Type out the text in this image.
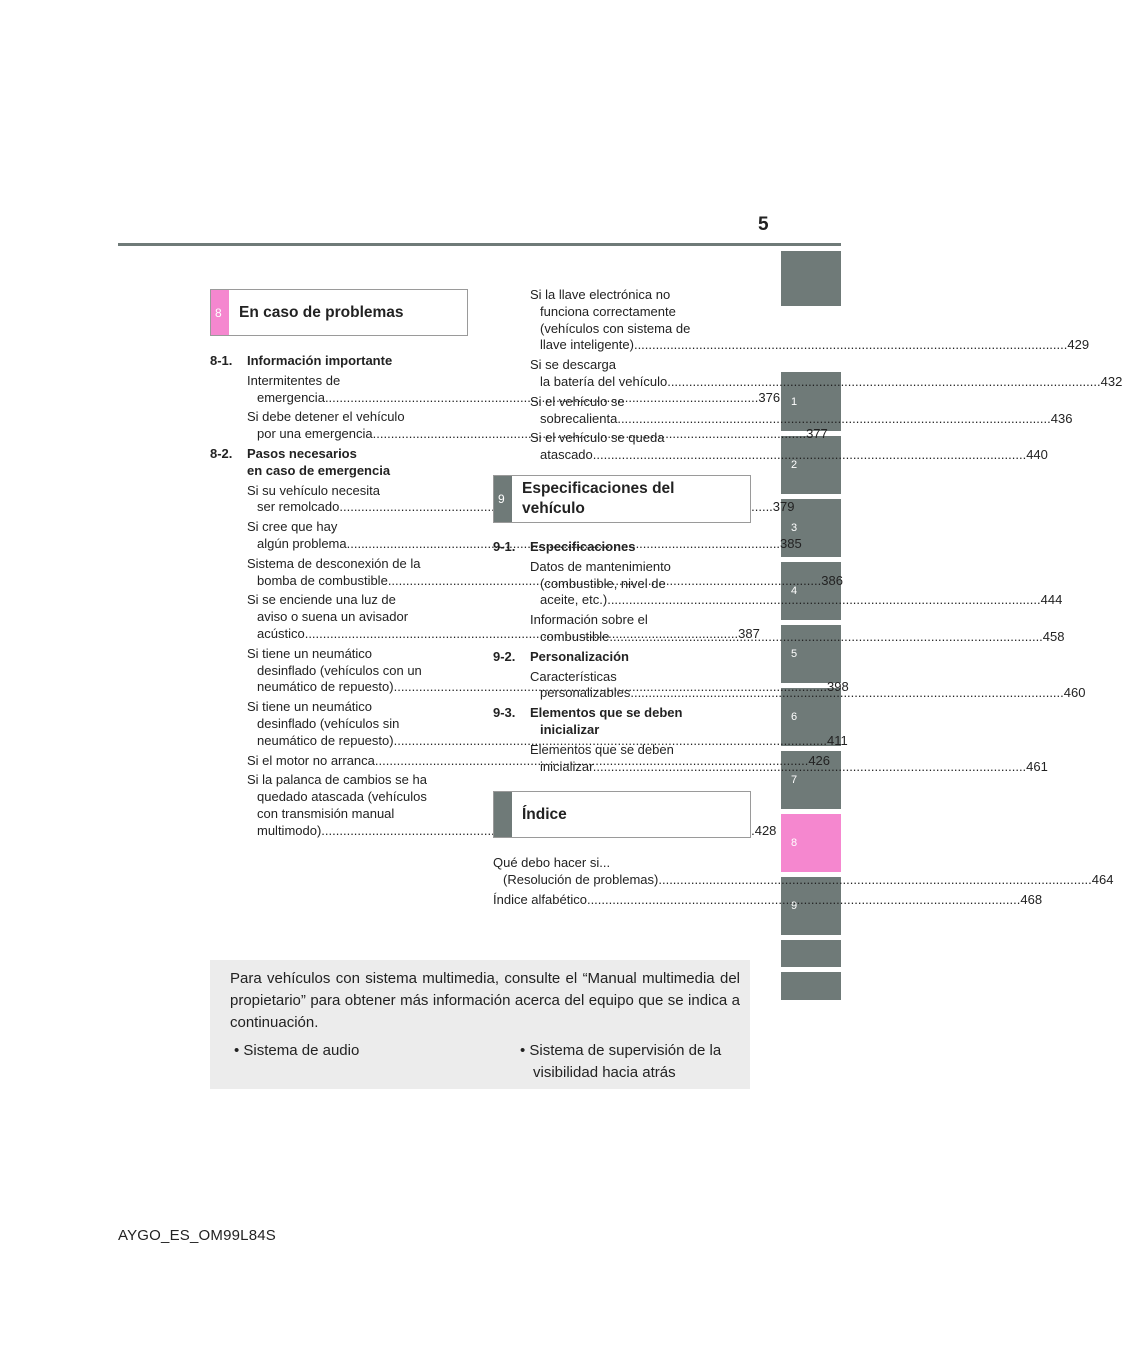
5
1
2
3
4
5
6
7
8
9
8 En caso de problemas
8-1. Información importante
Intermitentes de
emergencia .....	376
Si debe detener el vehículo
por una emergencia .....	377
8-2. Pasos necesarios
en caso de emergencia
Si su vehículo necesita
ser remolcado .....	379
Si cree que hay
algún problema .....	385
Sistema de desconexión de la
bomba de combustible .....	386
Si se enciende una luz de
aviso o suena un avisador
acústico .....	387
Si tiene un neumático
desinflado (vehículos con un
neumático de repuesto) .....	398
Si tiene un neumático
desinflado (vehículos sin
neumático de repuesto) .....	411
Si el motor no arranca .....	426
Si la palanca de cambios se ha
quedado atascada (vehículos
con transmisión manual
multimodo) .....	428
Si la llave electrónica no
funciona correctamente
(vehículos con sistema de
llave inteligente) .....	429
Si se descarga
la batería del vehículo .....	432
Si el vehículo se
sobrecalienta .....	436
Si el vehículo se queda
atascado .....	440
9
Especificaciones del
vehículo
9-1. Especificaciones
Datos de mantenimiento
(combustible, nivel de
aceite, etc.) .....	444
Información sobre el
combustible .....	458
9-2. Personalización
Características
personalizables .....	460
9-3. Elementos que se deben
inicializar
Elementos que se deben
inicializar .....	461
Índice
Qué debo hacer si...
(Resolución de problemas) .....	464
Índice alfabético .....	468
Para vehículos con sistema multimedia, consulte el “Manual multimedia del propietario” para obtener más información acerca del equipo que se indica a continuación.
• Sistema de audio	• Sistema de supervisión de la
visibilidad hacia atrás
AYGO_ES_OM99L84S
